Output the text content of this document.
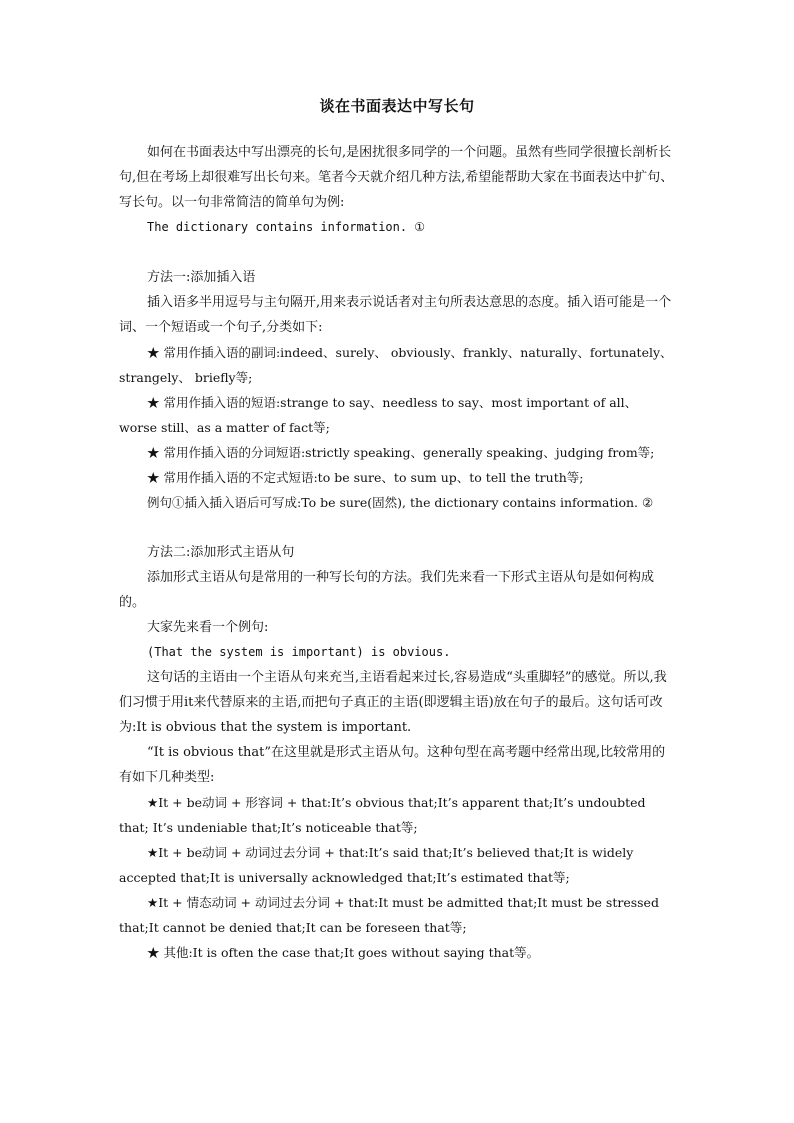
谈在书面表达中写长句

如何在书面表达中写出漂亮的长句,是困扰很多同学的一个问题。虽然有些同学很擅长剖析长句,但在考场上却很难写出长句来。笔者今天就介绍几种方法,希望能帮助大家在书面表达中扩句、写长句。以一句非常简洁的简单句为例:

The dictionary contains information. ①

方法一:添加插入语

插入语多半用逗号与主句隔开,用来表示说话者对主句所表达意思的态度。插入语可能是一个词、一个短语或一个句子,分类如下:

★ 常用作插入语的副词:indeed、surely、 obviously、frankly、naturally、fortunately、strangely、 briefly等;

★ 常用作插入语的短语:strange to say、needless to say、most important of all、worse still、as a matter of fact等;

★ 常用作插入语的分词短语:strictly speaking、generally speaking、judging from等;

★ 常用作插入语的不定式短语:to be sure、to sum up、to tell the truth等;

例句①插入插入语后可写成:To be sure(固然), the dictionary contains information. ②

方法二:添加形式主语从句

添加形式主语从句是常用的一种写长句的方法。我们先来看一下形式主语从句是如何构成的。

大家先来看一个例句:

(That the system is important) is obvious.

这句话的主语由一个主语从句来充当,主语看起来过长,容易造成“头重脚轻”的感觉。所以,我们习惯于用it来代替原来的主语,而把句子真正的主语(即逻辑主语)放在句子的最后。这句话可改为:It is obvious that the system is important.

“It is obvious that”在这里就是形式主语从句。这种句型在高考题中经常出现,比较常用的有如下几种类型:

★It + be动词 + 形容词 + that:It’s obvious that;It’s apparent that;It’s undoubted that; It’s undeniable that;It’s noticeable that等;

★It + be动词 + 动词过去分词 + that:It’s said that;It’s believed that;It is widely accepted that;It is universally acknowledged that;It’s estimated that等;

★It + 情态动词 + 动词过去分词 + that:It must be admitted that;It must be stressed that;It cannot be denied that;It can be foreseen that等;

★ 其他:It is often the case that;It goes without saying that等。
